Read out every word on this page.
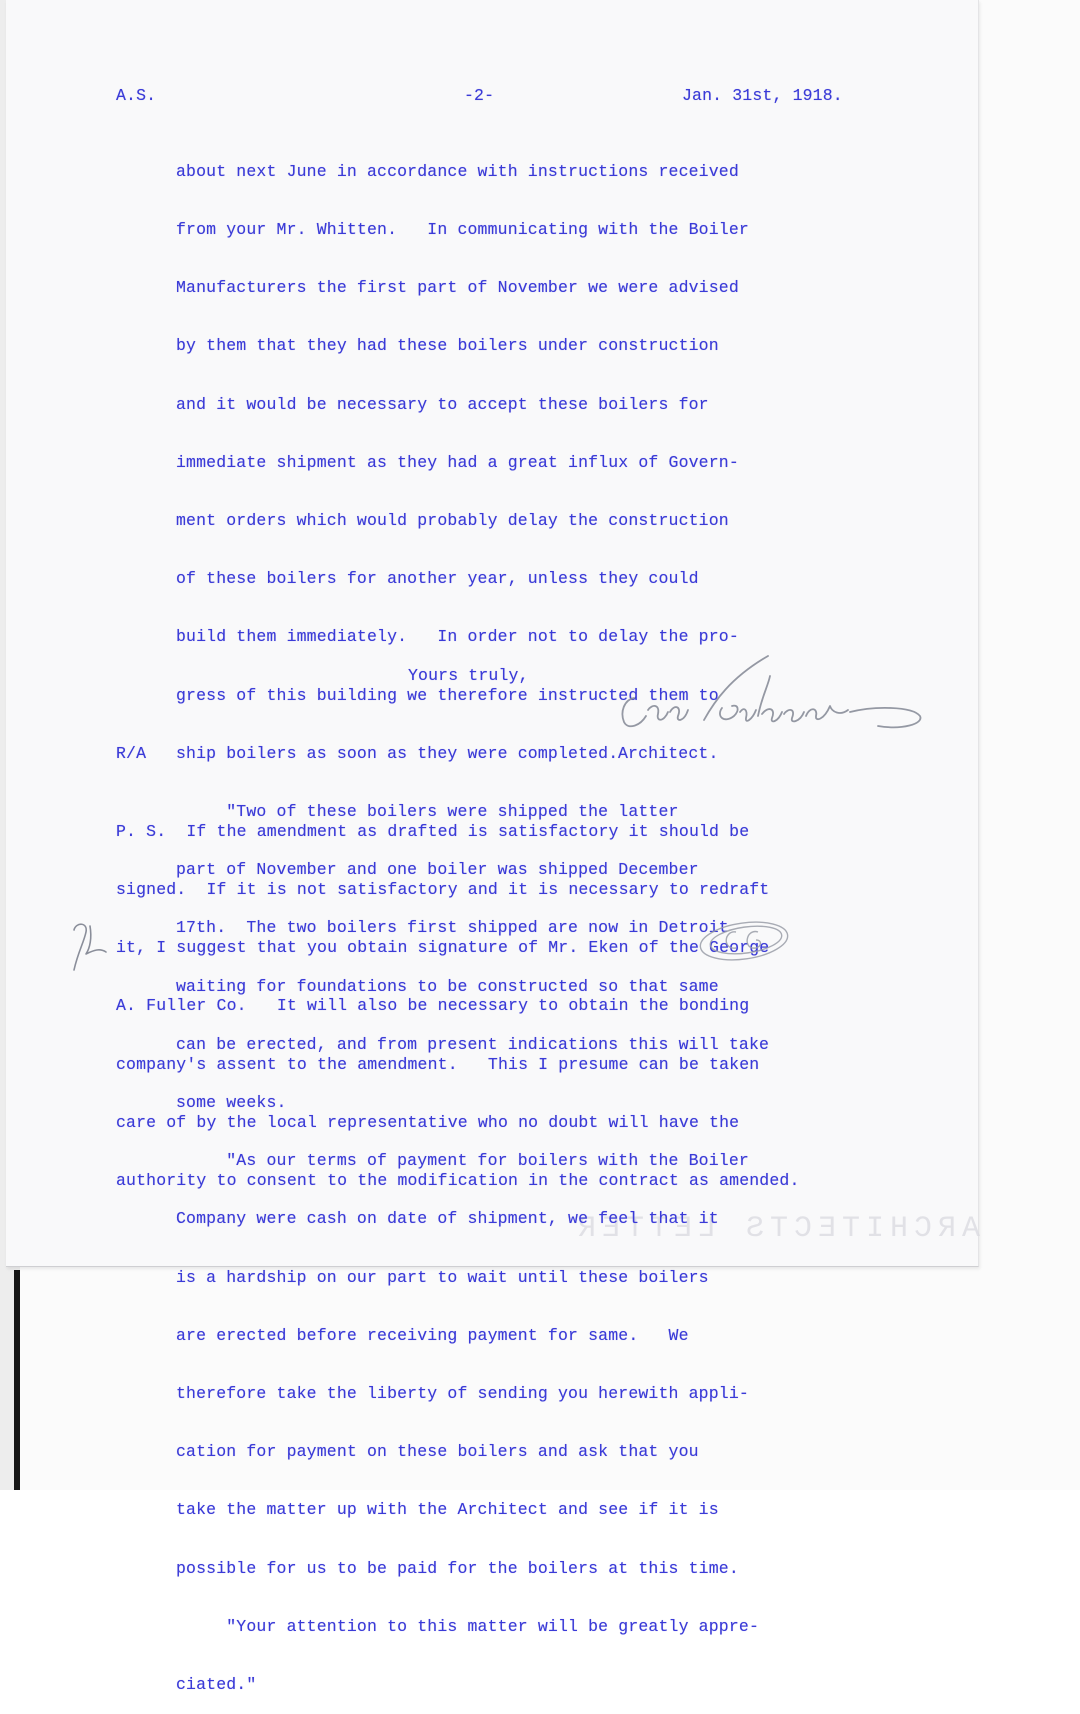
ARCHITECTS LETTER
A.S.	-2-	Jan. 31st, 1918.

about next June in accordance with instructions received

from your Mr. Whitten.   In communicating with the Boiler

Manufacturers the first part of November we were advised

by them that they had these boilers under construction

and it would be necessary to accept these boilers for

immediate shipment as they had a great influx of Govern-

ment orders which would probably delay the construction

of these boilers for another year, unless they could

build them immediately.   In order not to delay the pro-

gress of this building we therefore instructed them to

ship boilers as soon as they were completed.

"Two of these boilers were shipped the latter

part of November and one boiler was shipped December

17th.  The two boilers first shipped are now in Detroit

waiting for foundations to be constructed so that same

can be erected, and from present indications this will take

some weeks.

"As our terms of payment for boilers with the Boiler

Company were cash on date of shipment, we feel that it

is a hardship on our part to wait until these boilers

are erected before receiving payment for same.   We

therefore take the liberty of sending you herewith appli-

cation for payment on these boilers and ask that you

take the matter up with the Architect and see if it is

possible for us to be paid for the boilers at this time.

"Your attention to this matter will be greatly appre-

ciated."

Yours truly,
R/A	Architect.

P. S.  If the amendment as drafted is satisfactory it should be

signed.  If it is not satisfactory and it is necessary to redraft

it, I suggest that you obtain signature of Mr. Eken of the George

A. Fuller Co.   It will also be necessary to obtain the bonding

company's assent to the amendment.   This I presume can be taken

care of by the local representative who no doubt will have the

authority to consent to the modification in the contract as amended.
